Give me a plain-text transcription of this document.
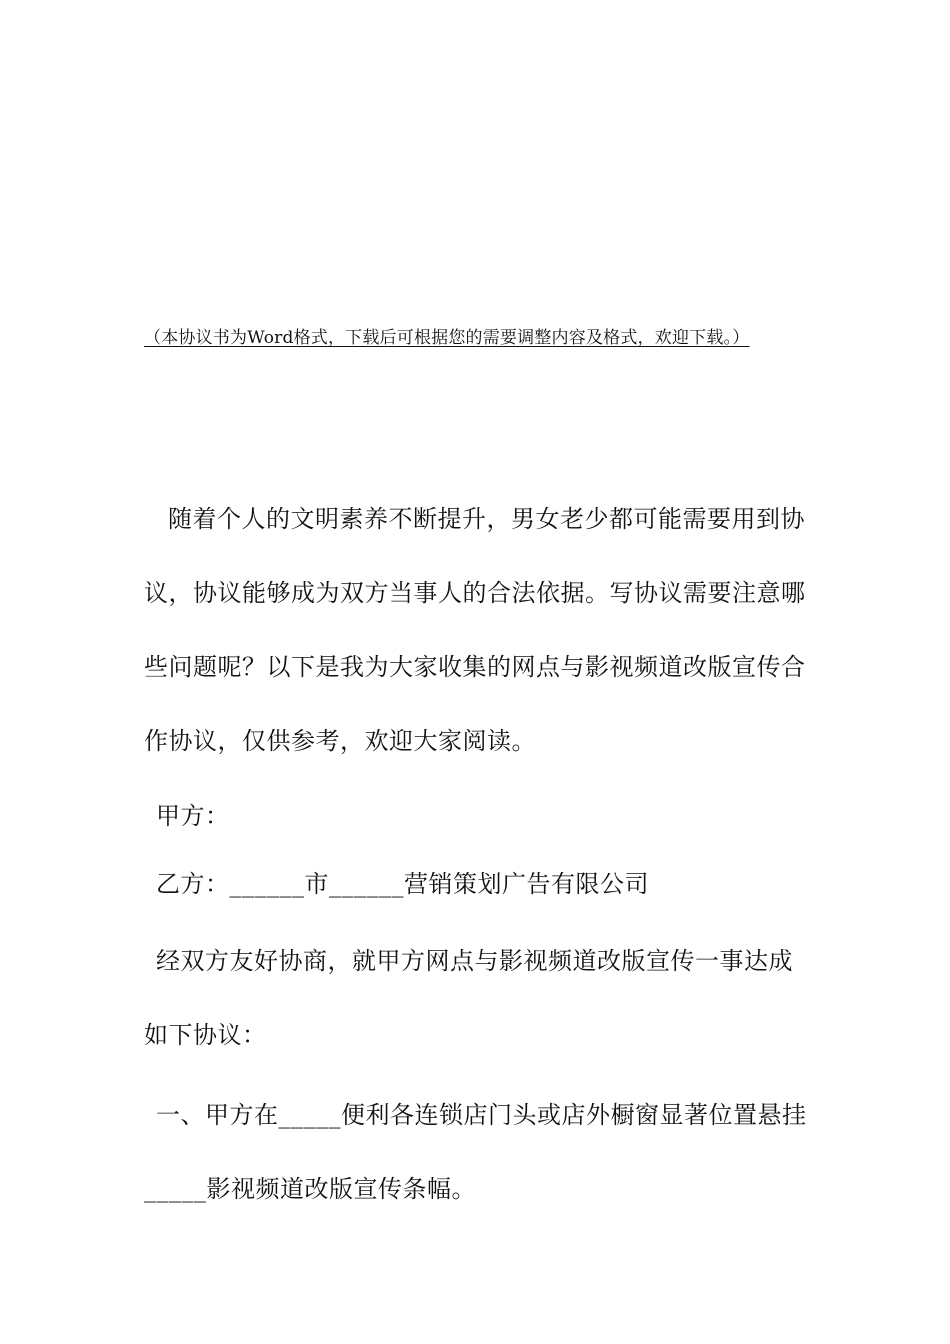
（本协议书为Word格式，下载后可根据您的需要调整内容及格式，欢迎下载。）

随着个人的文明素养不断提升，男女老少都可能需要用到协议，协议能够成为双方当事人的合法依据。写协议需要注意哪些问题呢？以下是我为大家收集的网点与影视频道改版宣传合作协议，仅供参考，欢迎大家阅读。

甲方：

乙方：______市______营销策划广告有限公司

经双方友好协商，就甲方网点与影视频道改版宣传一事达成如下协议：

一、甲方在_____便利各连锁店门头或店外橱窗显著位置悬挂_____影视频道改版宣传条幅。
